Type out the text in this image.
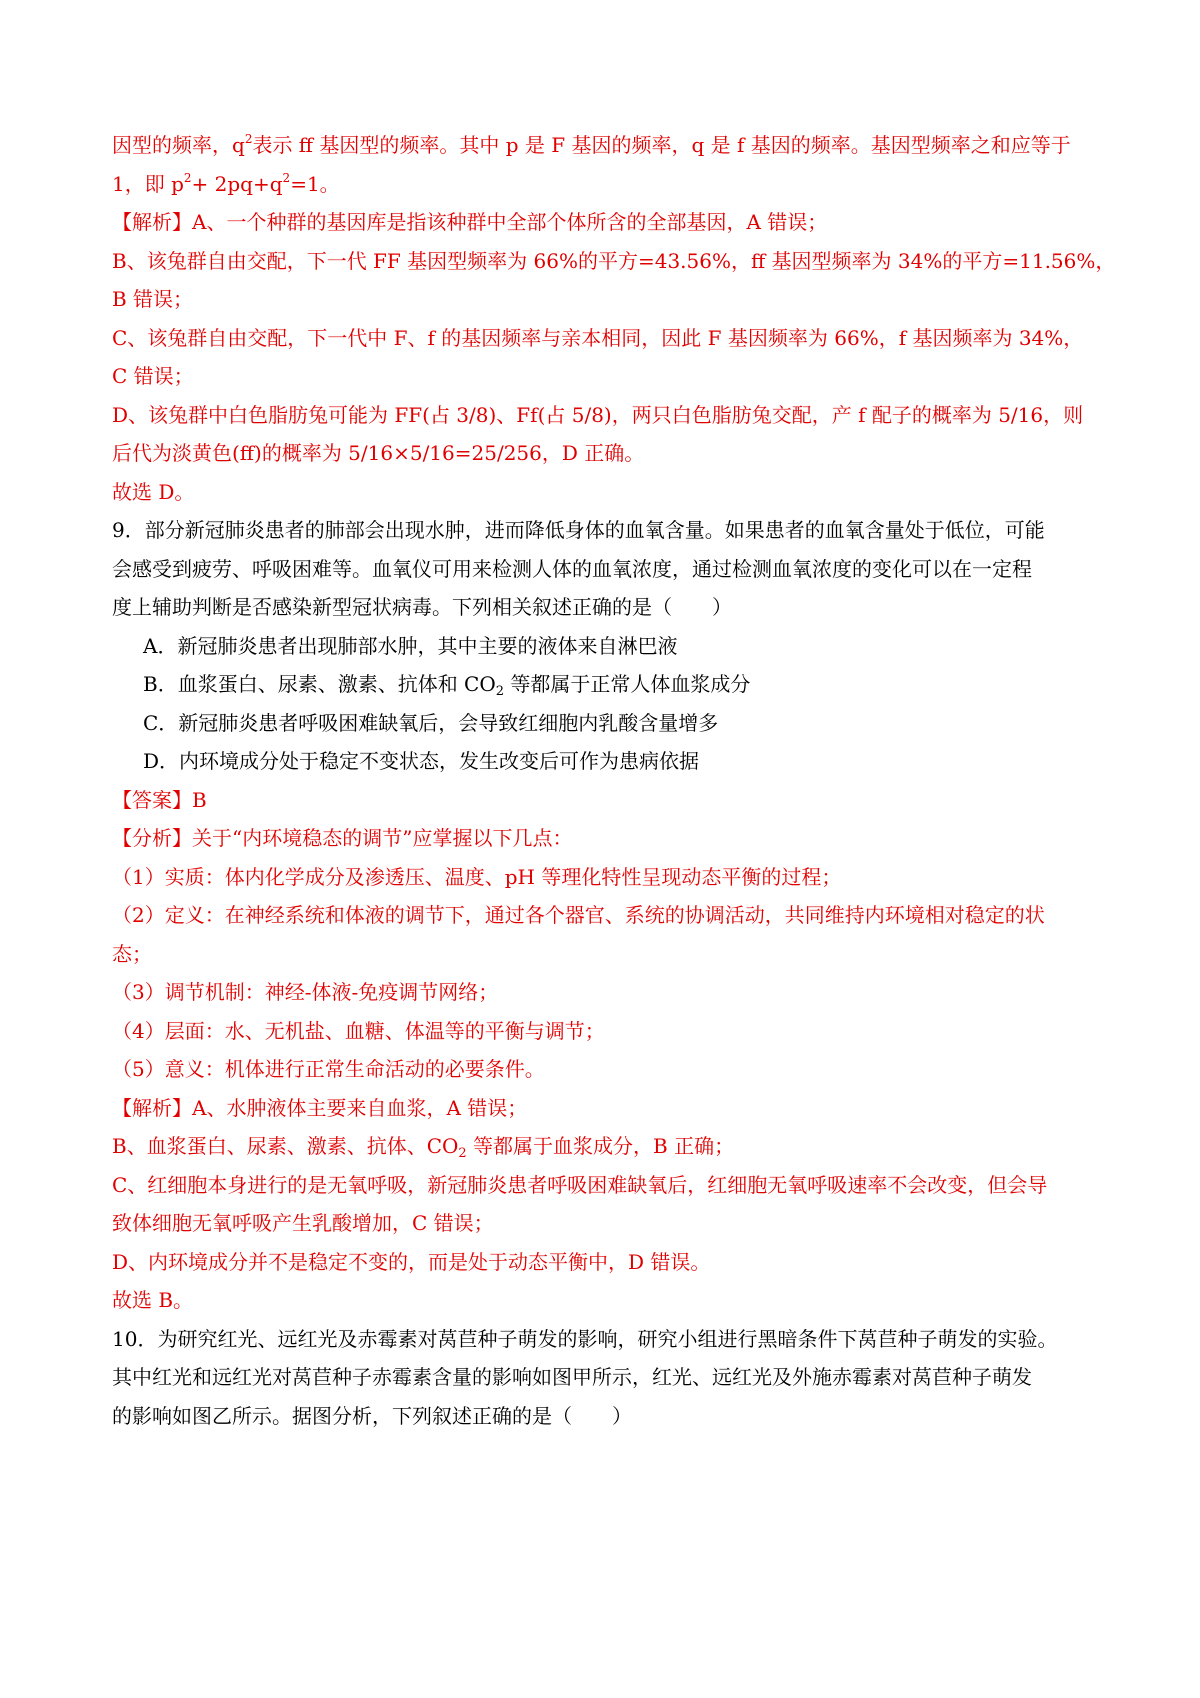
因型的频率，$q^2$表示 ff 基因型的频率。其中 p 是 F 基因的频率，q 是 f 基因的频率。基因型频率之和应等于
1，即 $p^2+ 2pq+q^2=1$。
【解析】A、一个种群的基因库是指该种群中全部个体所含的全部基因，A 错误；
B、该兔群自由交配，下一代 FF 基因型频率为 66%的平方=43.56%，ff 基因型频率为 34%的平方=11.56%，
B 错误；
C、该兔群自由交配，下一代中 F、f 的基因频率与亲本相同，因此 F 基因频率为 66%，f 基因频率为 34%，
C 错误；
D、该兔群中白色脂肪兔可能为 FF(占 3/8)、Ff(占 5/8)，两只白色脂肪兔交配，产 f 配子的概率为 5/16，则
后代为淡黄色(ff)的概率为 5/16×5/16=25/256，D 正确。
故选 D。
9．部分新冠肺炎患者的肺部会出现水肿，进而降低身体的血氧含量。如果患者的血氧含量处于低位，可能
会感受到疲劳、呼吸困难等。血氧仪可用来检测人体的血氧浓度，通过检测血氧浓度的变化可以在一定程
度上辅助判断是否感染新型冠状病毒。下列相关叙述正确的是（　　）
A．新冠肺炎患者出现肺部水肿，其中主要的液体来自淋巴液
B．血浆蛋白、尿素、激素、抗体和 $CO_2$ 等都属于正常人体血浆成分
C．新冠肺炎患者呼吸困难缺氧后，会导致红细胞内乳酸含量增多
D．内环境成分处于稳定不变状态，发生改变后可作为患病依据
【答案】B
【分析】关于“内环境稳态的调节”应掌握以下几点：
（1）实质：体内化学成分及渗透压、温度、pH 等理化特性呈现动态平衡的过程；
（2）定义：在神经系统和体液的调节下，通过各个器官、系统的协调活动，共同维持内环境相对稳定的状
态；
（3）调节机制：神经-体液-免疫调节网络；
（4）层面：水、无机盐、血糖、体温等的平衡与调节；
（5）意义：机体进行正常生命活动的必要条件。
【解析】A、水肿液体主要来自血浆，A 错误；
B、血浆蛋白、尿素、激素、抗体、$CO_2$ 等都属于血浆成分，B 正确；
C、红细胞本身进行的是无氧呼吸，新冠肺炎患者呼吸困难缺氧后，红细胞无氧呼吸速率不会改变，但会导
致体细胞无氧呼吸产生乳酸增加，C 错误；
D、内环境成分并不是稳定不变的，而是处于动态平衡中，D 错误。
故选 B。
10．为研究红光、远红光及赤霉素对莴苣种子萌发的影响，研究小组进行黑暗条件下莴苣种子萌发的实验。
其中红光和远红光对莴苣种子赤霉素含量的影响如图甲所示，红光、远红光及外施赤霉素对莴苣种子萌发
的影响如图乙所示。据图分析，下列叙述正确的是（　　）
